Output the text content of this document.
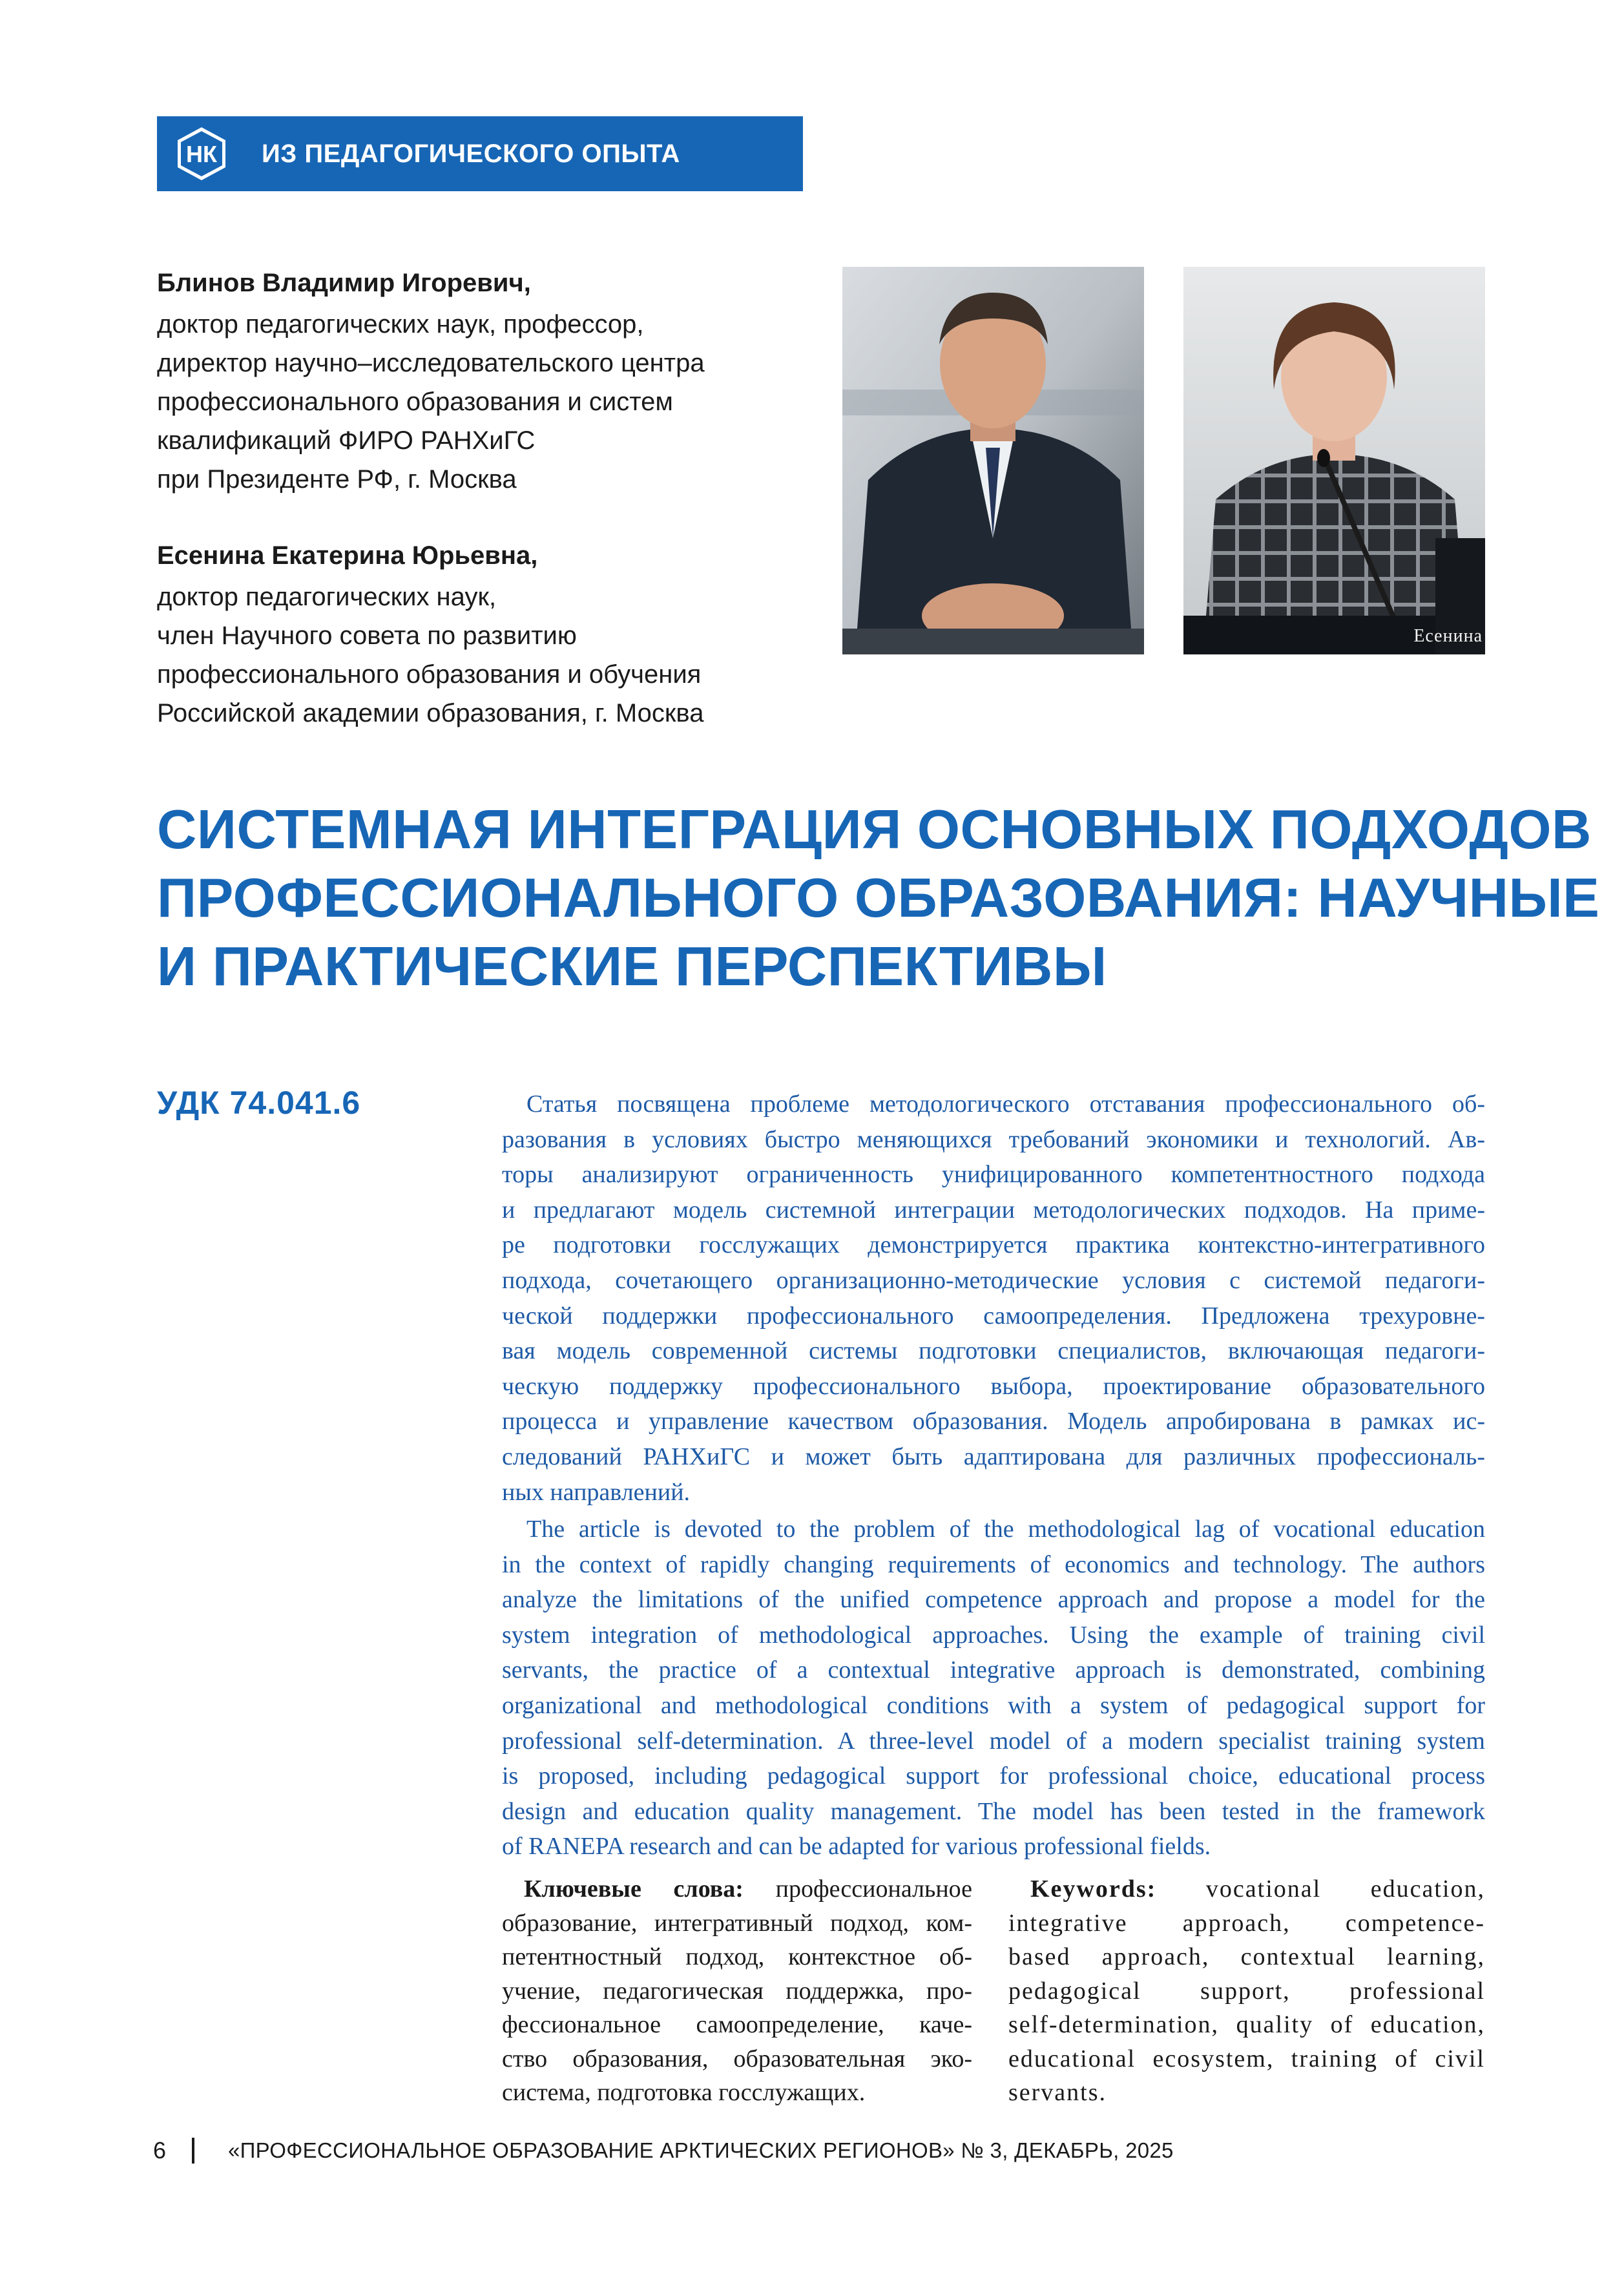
НК ИЗ ПЕДАГОГИЧЕСКОГО ОПЫТА
Блинов Владимир Игоревич,
доктор педагогических наук, профессор,
директор научно–исследовательского центра
профессионального образования и систем
квалификаций ФИРО РАНХиГС
при Президенте РФ, г. Москва
Есенина Екатерина Юрьевна,
доктор педагогических наук,
член Научного совета по развитию
профессионального образования и обучения
Российской академии образования, г. Москва
Есенина
СИСТЕМНАЯ ИНТЕГРАЦИЯ ОСНОВНЫХ ПОДХОДОВ
ПРОФЕССИОНАЛЬНОГО ОБРАЗОВАНИЯ: НАУЧНЫЕ
И ПРАКТИЧЕСКИЕ ПЕРСПЕКТИВЫ
УДК 74.041.6	Статья посвящена проблеме методологического отставания профессионального об-
разования в условиях быстро меняющихся требований экономики и технологий. Ав-
торы анализируют ограниченность унифицированного компетентностного подхода
и предлагают модель системной интеграции методологических подходов. На приме-
ре подготовки госслужащих демонстрируется практика контекстно-интегративного
подхода, сочетающего организационно-методические условия с системой педагоги-
ческой поддержки профессионального самоопределения. Предложена трехуровне-
вая модель современной системы подготовки специалистов, включающая педагоги-
ческую поддержку профессионального выбора, проектирование образовательного
процесса и управление качеством образования. Модель апробирована в рамках ис-
следований РАНХиГС и может быть адаптирована для различных профессиональ-
ных направлений.
The article is devoted to the problem of the methodological lag of vocational education
in the context of rapidly changing requirements of economics and technology. The authors
analyze the limitations of the unified competence approach and propose a model for the
system integration of methodological approaches. Using the example of training civil
servants, the practice of a contextual integrative approach is demonstrated, combining
organizational and methodological conditions with a system of pedagogical support for
professional self-determination. A three-level model of a modern specialist training system
is proposed, including pedagogical support for professional choice, educational process
design and education quality management. The model has been tested in the framework
of RANEPA research and can be adapted for various professional fields.
Ключевые слова: профессиональное
образование, интегративный подход, ком-
петентностный подход, контекстное об-
учение, педагогическая поддержка, про-
фессиональное самоопределение, каче-
ство образования, образовательная эко-
система, подготовка госслужащих.
Keywords: vocational education,
integrative approach, competence-
based approach, contextual learning,
pedagogical support, professional
self-determination, quality of education,
educational ecosystem, training of civil
servants.
6	«ПРОФЕССИОНАЛЬНОЕ ОБРАЗОВАНИЕ АРКТИЧЕСКИХ РЕГИОНОВ» № 3, ДЕКАБРЬ, 2025
